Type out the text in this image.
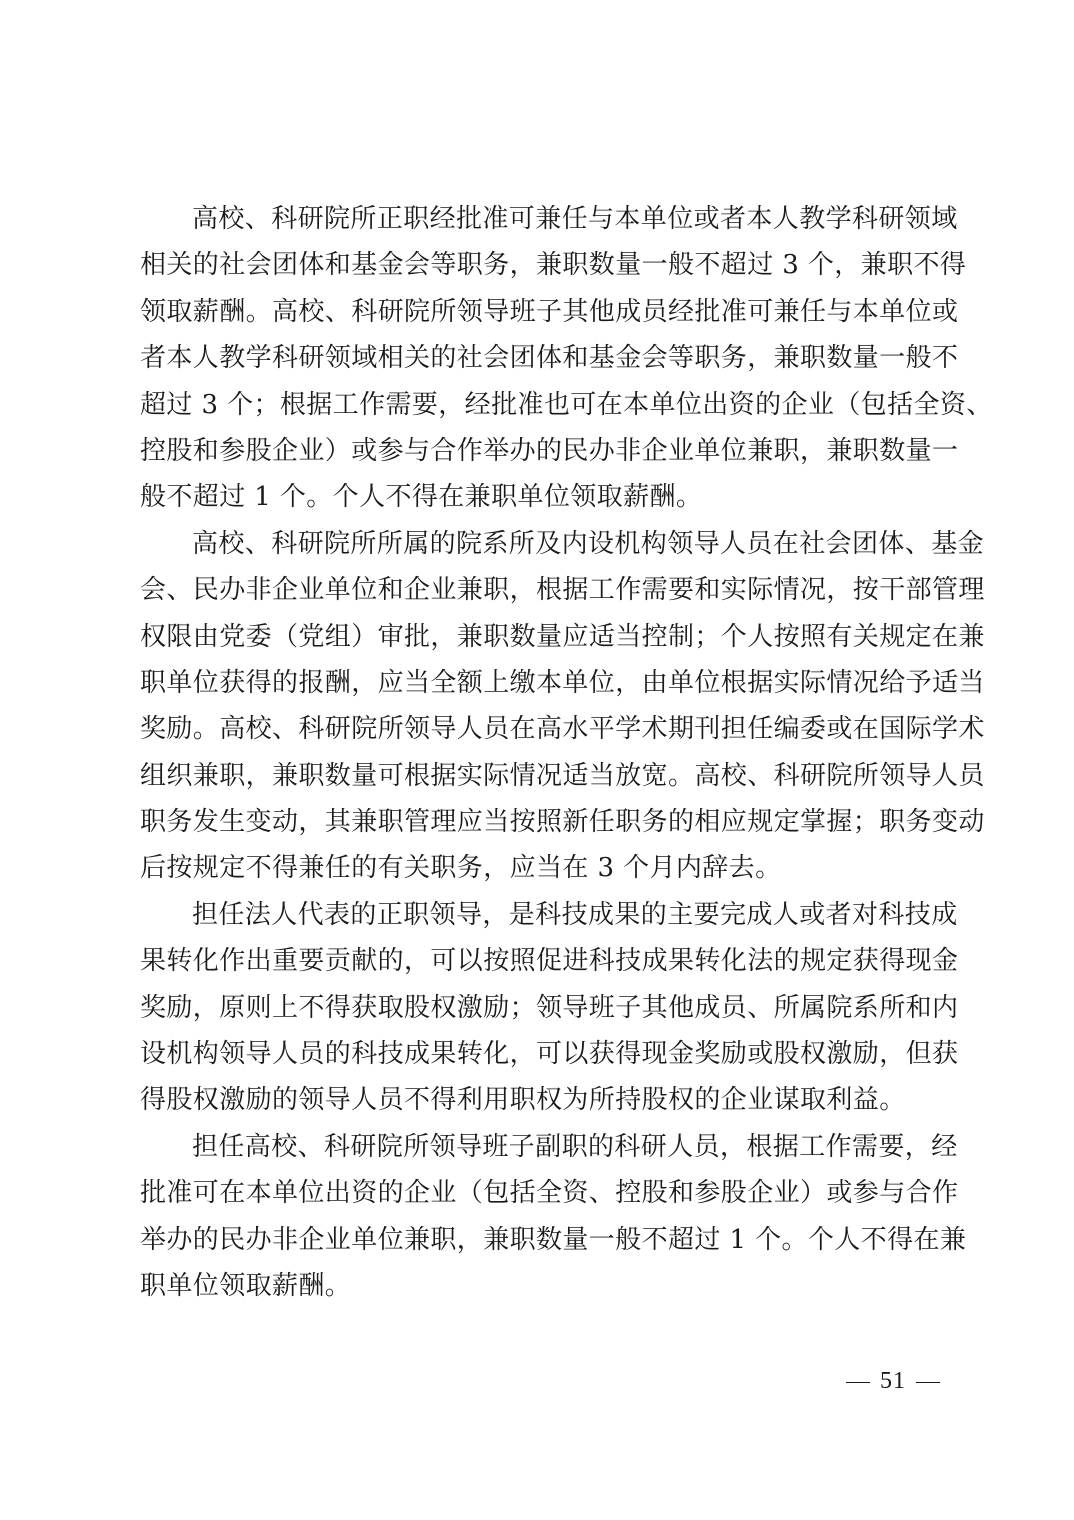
高校、科研院所正职经批准可兼任与本单位或者本人教学科研领域
相关的社会团体和基金会等职务，兼职数量一般不超过 3 个，兼职不得
领取薪酬。高校、科研院所领导班子其他成员经批准可兼任与本单位或
者本人教学科研领域相关的社会团体和基金会等职务，兼职数量一般不
超过 3 个；根据工作需要，经批准也可在本单位出资的企业（包括全资、
控股和参股企业）或参与合作举办的民办非企业单位兼职，兼职数量一
般不超过 1 个。个人不得在兼职单位领取薪酬。
高校、科研院所所属的院系所及内设机构领导人员在社会团体、基金
会、民办非企业单位和企业兼职，根据工作需要和实际情况，按干部管理
权限由党委（党组）审批，兼职数量应适当控制；个人按照有关规定在兼
职单位获得的报酬，应当全额上缴本单位，由单位根据实际情况给予适当
奖励。高校、科研院所领导人员在高水平学术期刊担任编委或在国际学术
组织兼职，兼职数量可根据实际情况适当放宽。高校、科研院所领导人员
职务发生变动，其兼职管理应当按照新任职务的相应规定掌握；职务变动
后按规定不得兼任的有关职务，应当在 3 个月内辞去。
担任法人代表的正职领导，是科技成果的主要完成人或者对科技成
果转化作出重要贡献的，可以按照促进科技成果转化法的规定获得现金
奖励，原则上不得获取股权激励；领导班子其他成员、所属院系所和内
设机构领导人员的科技成果转化，可以获得现金奖励或股权激励，但获
得股权激励的领导人员不得利用职权为所持股权的企业谋取利益。
担任高校、科研院所领导班子副职的科研人员，根据工作需要，经
批准可在本单位出资的企业（包括全资、控股和参股企业）或参与合作
举办的民办非企业单位兼职，兼职数量一般不超过 1 个。个人不得在兼
职单位领取薪酬。
51
